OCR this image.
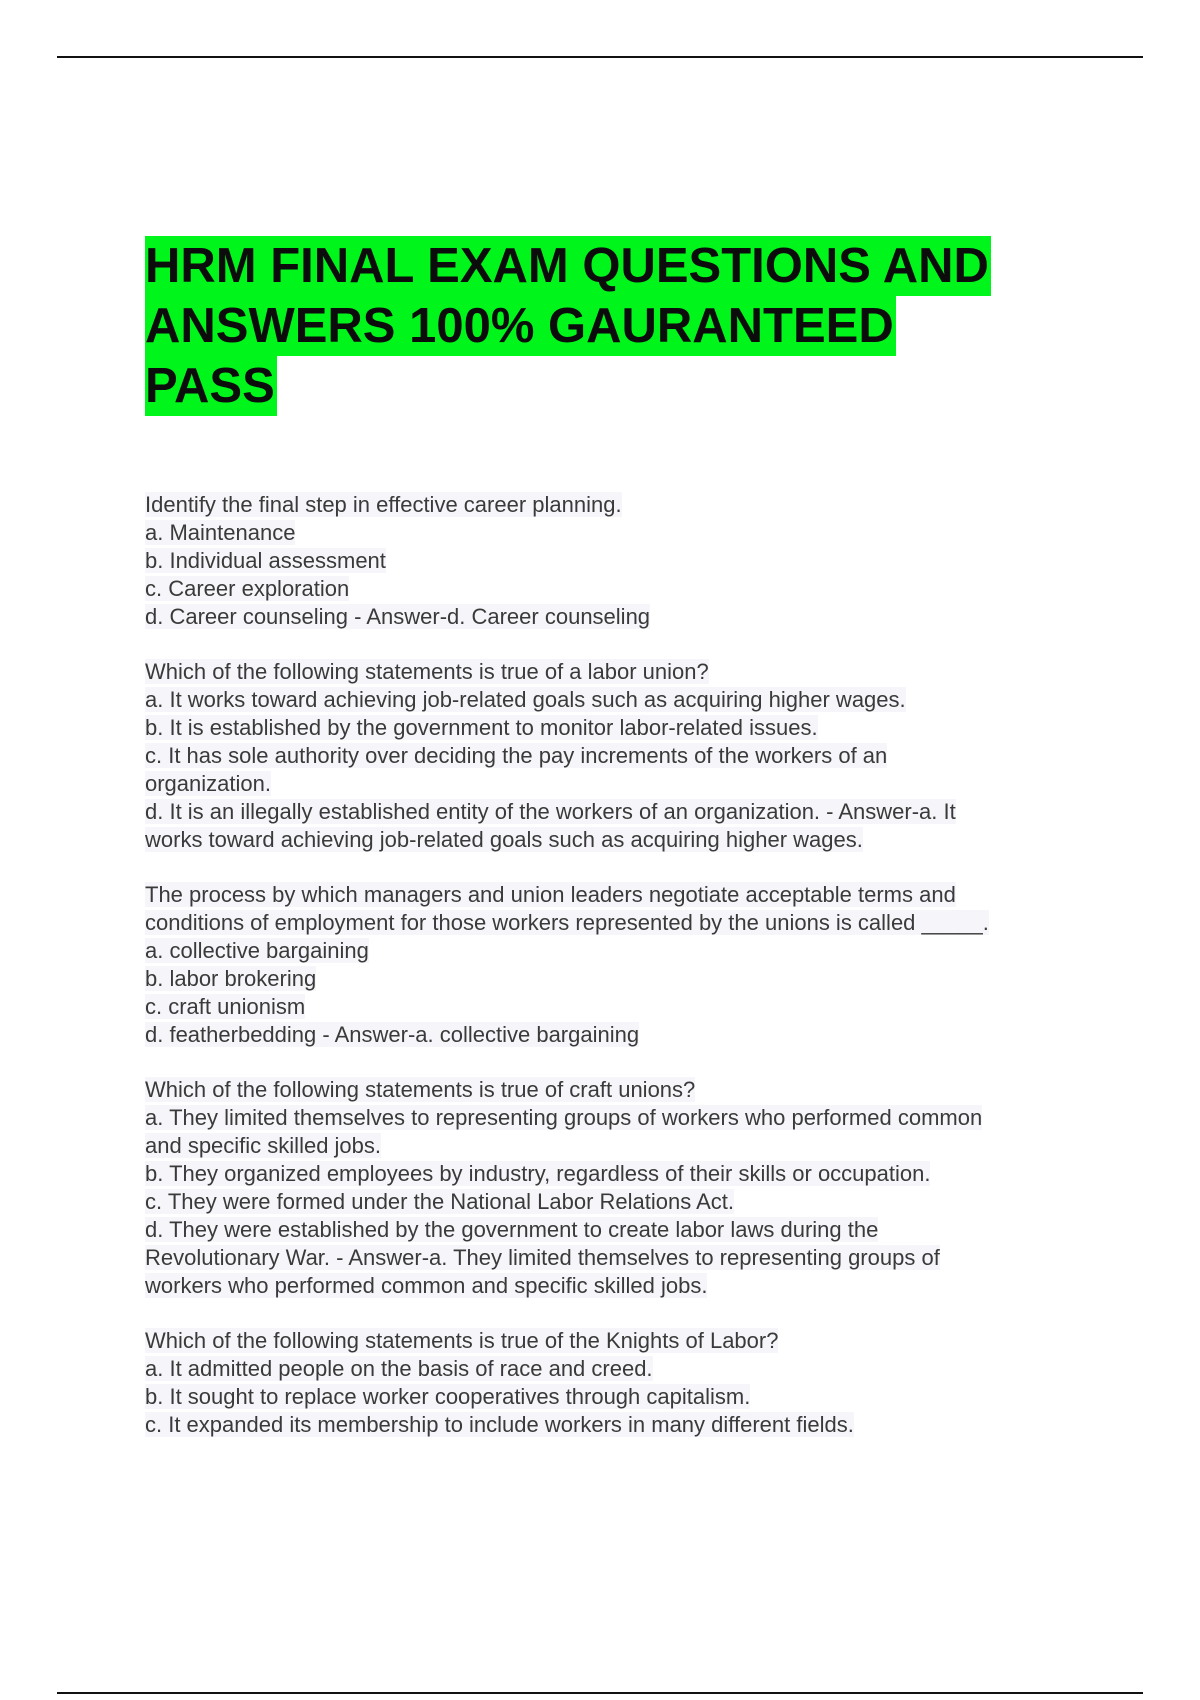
HRM FINAL EXAM QUESTIONS AND
ANSWERS 100% GAURANTEED
PASS
Identify the final step in effective career planning.
a. Maintenance
b. Individual assessment
c. Career exploration
d. Career counseling - Answer-d. Career counseling
Which of the following statements is true of a labor union?
a. It works toward achieving job-related goals such as acquiring higher wages.
b. It is established by the government to monitor labor-related issues.
c. It has sole authority over deciding the pay increments of the workers of an
organization.
d. It is an illegally established entity of the workers of an organization. - Answer-a. It
works toward achieving job-related goals such as acquiring higher wages.
The process by which managers and union leaders negotiate acceptable terms and
conditions of employment for those workers represented by the unions is called _____.
a. collective bargaining
b. labor brokering
c. craft unionism
d. featherbedding - Answer-a. collective bargaining
Which of the following statements is true of craft unions?
a. They limited themselves to representing groups of workers who performed common
and specific skilled jobs.
b. They organized employees by industry, regardless of their skills or occupation.
c. They were formed under the National Labor Relations Act.
d. They were established by the government to create labor laws during the
Revolutionary War. - Answer-a. They limited themselves to representing groups of
workers who performed common and specific skilled jobs.
Which of the following statements is true of the Knights of Labor?
a. It admitted people on the basis of race and creed.
b. It sought to replace worker cooperatives through capitalism.
c. It expanded its membership to include workers in many different fields.
